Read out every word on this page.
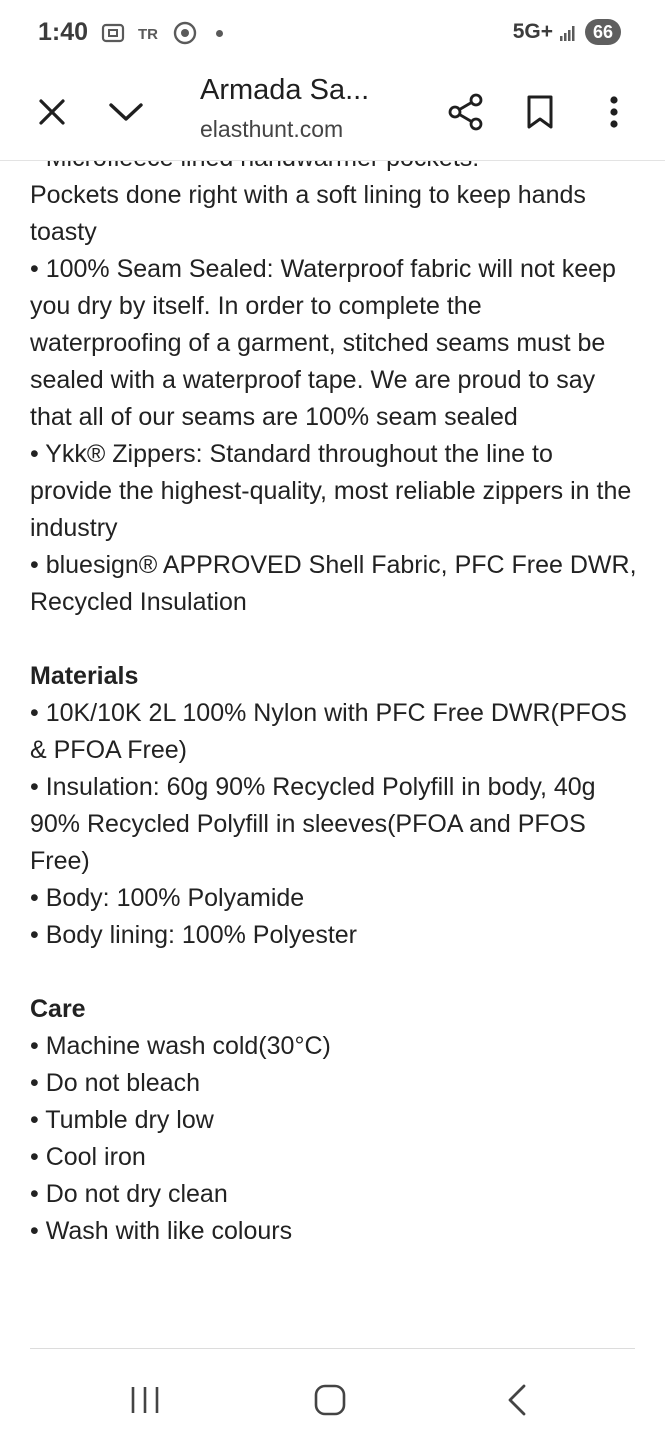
1:40	TR	5G+	66
Armada Sa...
elasthunt.com

Pockets done right with a soft lining to keep hands toasty

• 100% Seam Sealed: Waterproof fabric will not keep you dry by itself. In order to complete the waterproofing of a garment, stitched seams must be sealed with a waterproof tape. We are proud to say that all of our seams are 100% seam sealed

• Ykk® Zippers: Standard throughout the line to provide the highest-quality, most reliable zippers in the industry

• bluesign® APPROVED Shell Fabric, PFC Free DWR, Recycled Insulation

Materials

• 10K/10K 2L 100% Nylon with PFC Free DWR(PFOS & PFOA Free)

• Insulation: 60g 90% Recycled Polyfill in body, 40g 90% Recycled Polyfill in sleeves(PFOA and PFOS Free)

• Body: 100% Polyamide

• Body lining: 100% Polyester

Care

• Machine wash cold(30°C)

• Do not bleach

• Tumble dry low

• Cool iron

• Do not dry clean

• Wash with like colours
